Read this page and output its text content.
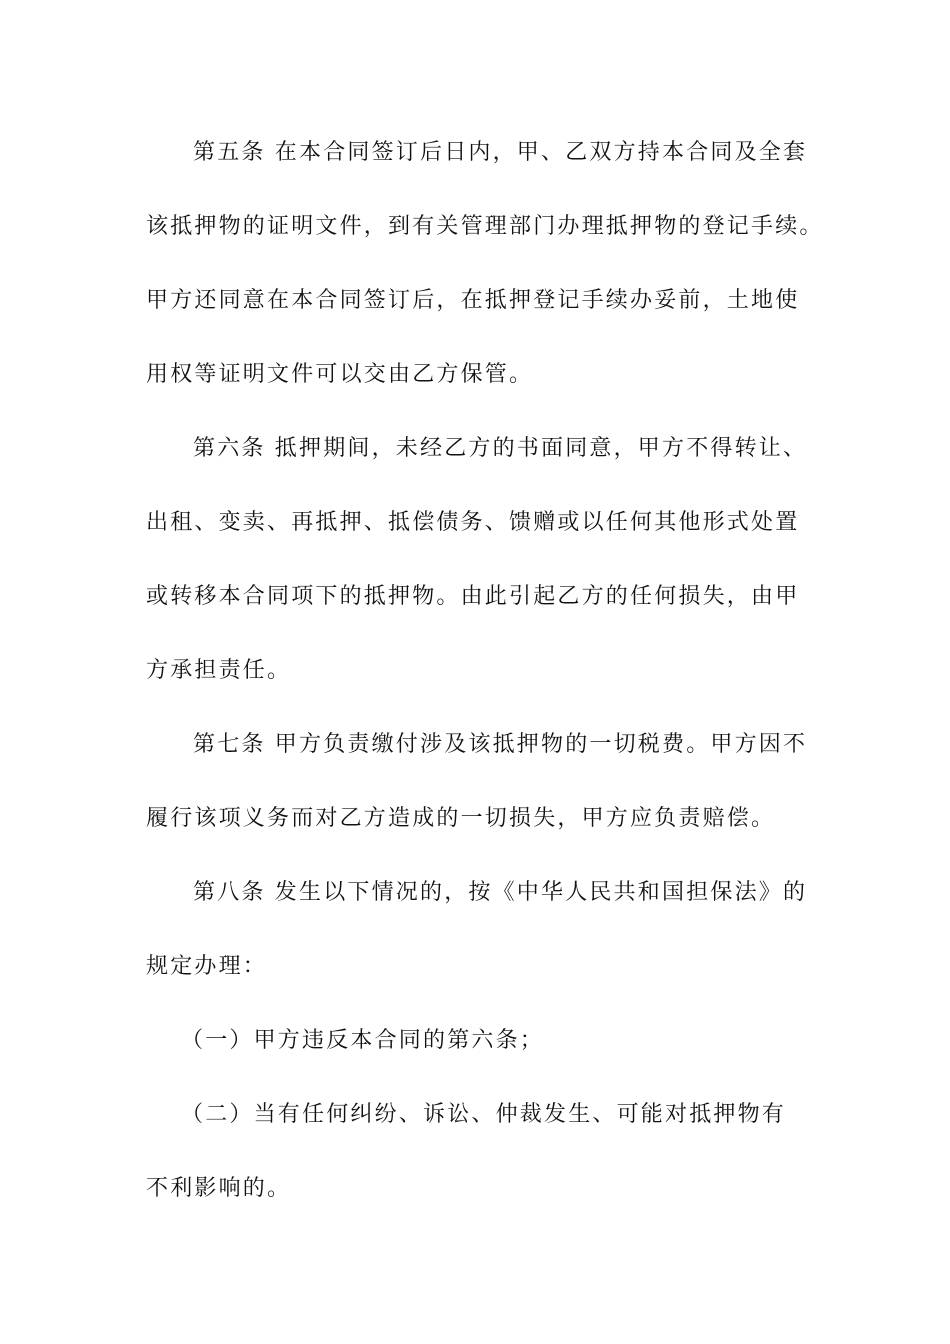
第五条 在本合同签订后日内，甲、乙双方持本合同及全套
该抵押物的证明文件，到有关管理部门办理抵押物的登记手续。
甲方还同意在本合同签订后，在抵押登记手续办妥前，土地使
用权等证明文件可以交由乙方保管。
第六条 抵押期间，未经乙方的书面同意，甲方不得转让、
出租、变卖、再抵押、抵偿债务、馈赠或以任何其他形式处置
或转移本合同项下的抵押物。由此引起乙方的任何损失，由甲
方承担责任。
第七条 甲方负责缴付涉及该抵押物的一切税费。甲方因不
履行该项义务而对乙方造成的一切损失，甲方应负责赔偿。
第八条 发生以下情况的，按《中华人民共和国担保法》的
规定办理：
（一）甲方违反本合同的第六条；
（二）当有任何纠纷、诉讼、仲裁发生、可能对抵押物有
不利影响的。
